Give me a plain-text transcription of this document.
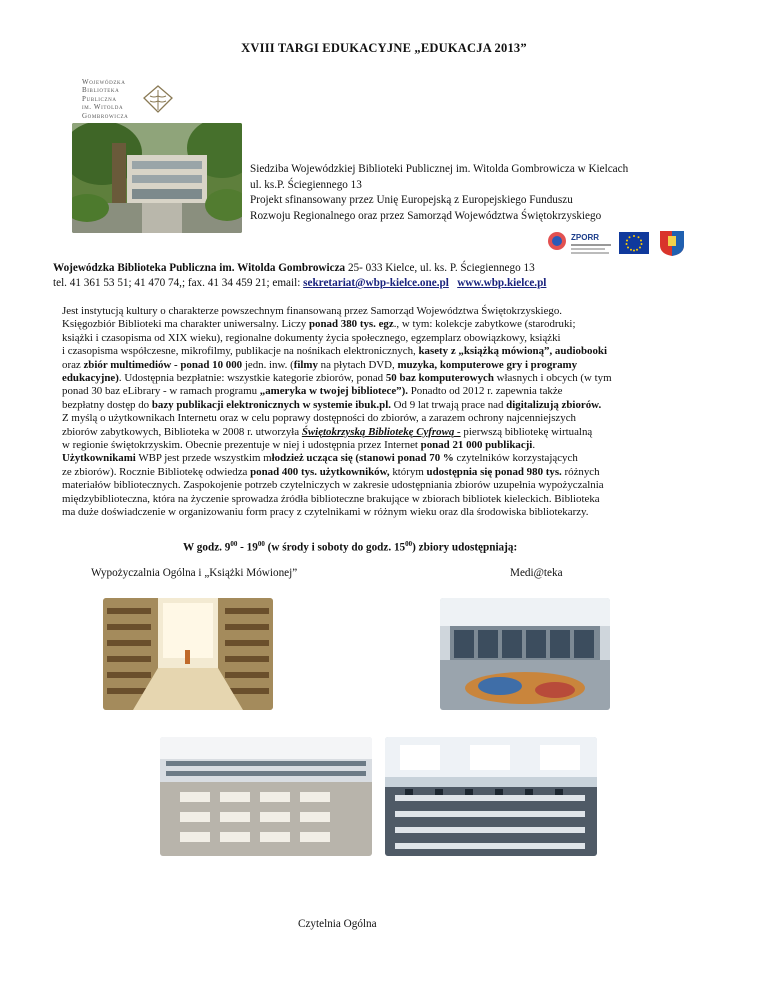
XVIII TARGI EDUKACYJNE „EDUKACJA 2013”
Wojewódzka
Biblioteka
Publiczna
im. Witolda
Gombrowicza
Siedziba Wojewódzkiej Biblioteki Publicznej im. Witolda Gombrowicza w Kielcach
ul. ks.P. Ściegiennego 13
Projekt sfinansowany przez Unię Europejską z Europejskiego Funduszu
Rozwoju Regionalnego oraz przez Samorząd Województwa Świętokrzyskiego
ZPORR
Wojewódzka Biblioteka Publiczna im. Witolda Gombrowicza 25- 033 Kielce, ul. ks. P. Ściegiennego 13
tel. 41 361 53 51; 41 470 74,; fax. 41 34 459 21; email: sekretariat@wbp-kielce.one.pl www.wbp.kielce.pl
Jest instytucją kultury o charakterze powszechnym finansowaną przez Samorząd Województwa Świętokrzyskiego.
Księgozbiór Biblioteki ma charakter uniwersalny. Liczy ponad 380 tys. egz., w tym: kolekcje zabytkowe (starodruki;
książki i czasopisma od XIX wieku), regionalne dokumenty życia społecznego, egzemplarz obowiązkowy, książki
i czasopisma współczesne, mikrofilmy, publikacje na nośnikach elektronicznych, kasety z „książką mówioną”, audiobooki
oraz zbiór multimediów - ponad 10 000 jedn. inw. (filmy na płytach DVD, muzyka, komputerowe gry i programy
edukacyjne). Udostępnia bezpłatnie: wszystkie kategorie zbiorów, ponad 50 baz komputerowych własnych i obcych (w tym
ponad 30 baz eLibrary - w ramach programu „ameryka w twojej bibliotece”). Ponadto od 2012 r. zapewnia także
bezpłatny dostęp do bazy publikacji elektronicznych w systemie ibuk.pl. Od 9 lat trwają prace nad digitalizują zbiorów.
Z myślą o użytkownikach Internetu oraz w celu poprawy dostępności do zbiorów, a zarazem ochrony najcenniejszych
zbiorów zabytkowych, Biblioteka w 2008 r. utworzyła Świętokrzyską Bibliotekę Cyfrową - pierwszą bibliotekę wirtualną
w regionie świętokrzyskim. Obecnie prezentuje w niej i udostępnia przez Internet ponad 21 000 publikacji.
Użytkownikami WBP jest przede wszystkim młodzież ucząca się (stanowi ponad 70 % czytelników korzystających
ze zbiorów). Rocznie Bibliotekę odwiedza ponad 400 tys. użytkowników, którym udostępnia się ponad 980 tys. różnych
materiałów bibliotecznych. Zaspokojenie potrzeb czytelniczych w zakresie udostępniania zbiorów uzupełnia wypożyczalnia
międzybiblioteczna, która na życzenie sprowadza źródła biblioteczne brakujące w zbiorach bibliotek kieleckich. Biblioteka
ma duże doświadczenie w organizowaniu form pracy z czytelnikami w różnym wieku oraz dla środowiska bibliotekarzy.
W godz. $9^{00} - 19^{00}$ (w środy i soboty do godz. $15^{00}$) zbiory udostępniają:
Wypożyczalnia Ogólna i „Książki Mówionej”	Medi@teka
Czytelnia Ogólna
